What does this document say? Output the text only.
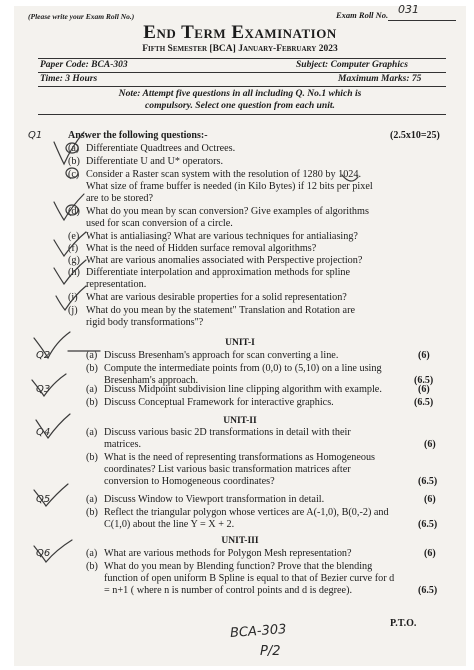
(Please write your Exam Roll No.)	Exam Roll No. 031
End Term Examination
Fifth Semester [BCA] January-February 2023
Paper Code: BCA-303	Subject: Computer Graphics
Time: 3 Hours	Maximum Marks: 75
Note: Attempt five questions in all including Q. No.1 which is
compulsory. Select one question from each unit.
Q1	Answer the following questions:-	(2.5x10=25)
(a) Differentiate Quadtrees and Octrees.
(b) Differentiate U and U* operators.
(c) Consider a Raster scan system with the resolution of 1280 by 1024.
What size of frame buffer is needed (in Kilo Bytes) if 12 bits per pixel
are to be stored?
(d) What do you mean by scan conversion? Give examples of algorithms
used for scan conversion of a circle.
(e) What is antialiasing? What are various techniques for antialiasing?
(f) What is the need of Hidden surface removal algorithms?
(g) What are various anomalies associated with Perspective projection?
(h) Differentiate interpolation and approximation methods for spline
representation.
(i) What are various desirable properties for a solid representation?
(j) What do you mean by the statement" Translation and Rotation are
rigid body transformations"?
UNIT-I
Q2	(a) Discuss Bresenham's approach for scan converting a line.	(6)
(b) Compute the intermediate points from (0,0) to (5,10) on a line using
Bresenham's approach.	(6.5)
Q3	(a) Discuss Midpoint subdivision line clipping algorithm with example.	(6)
(b) Discuss Conceptual Framework for interactive graphics.	(6.5)
UNIT-II
Q4	(a) Discuss various basic 2D transformations in detail with their
matrices.	(6)
(b) What is the need of representing transformations as Homogeneous
coordinates? List various basic transformation matrices after
conversion to Homogeneous coordinates?	(6.5)
Q5	(a) Discuss Window to Viewport transformation in detail.	(6)
(b) Reflect the triangular polygon whose vertices are A(-1,0), B(0,-2) and
C(1,0) about the line Y = X + 2.	(6.5)
UNIT-III
Q6	(a) What are various methods for Polygon Mesh representation?	(6)
(b) What do you mean by Blending function? Prove that the blending
function of open uniform B Spline is equal to that of Bezier curve for d
= n+1 ( where n is number of control points and d is degree).	(6.5)
P.T.O.
BCA-303
P/2
